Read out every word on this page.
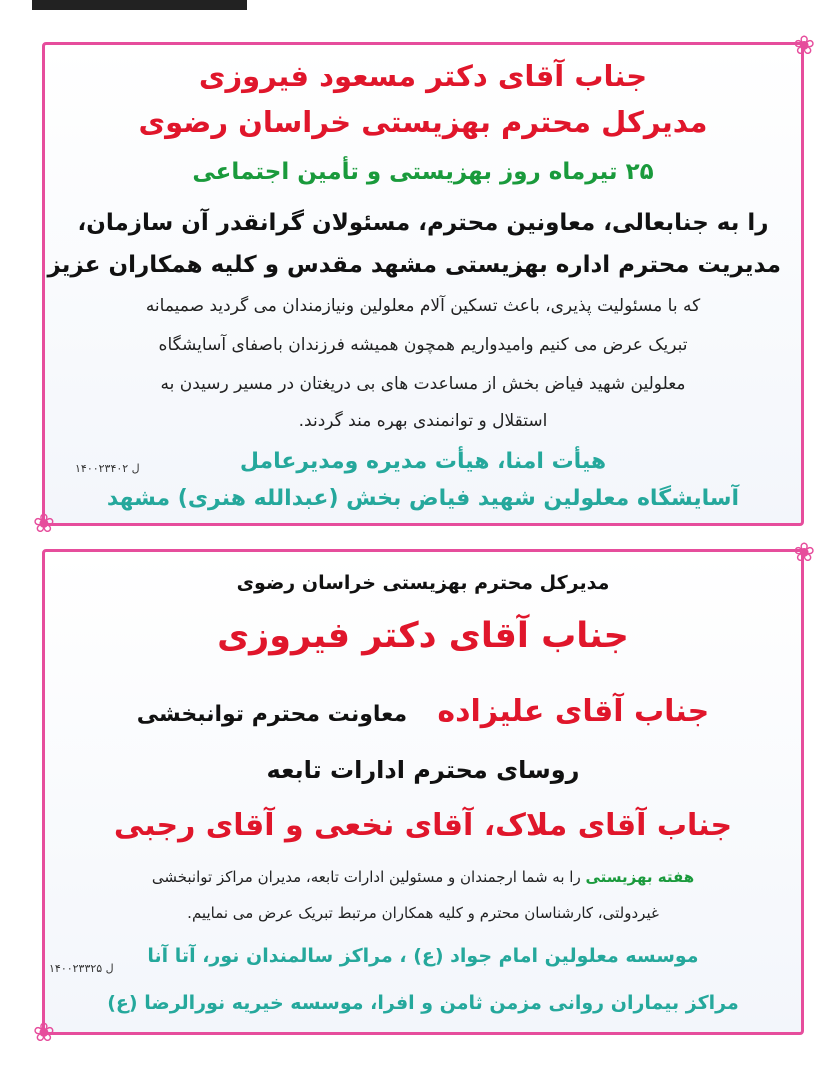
❀
❀
جناب آقای دکتر مسعود فیروزی
مدیرکل محترم بهزیستی خراسان رضوی
۲۵ تیرماه روز بهزیستی و تأمین اجتماعی
را به جنابعالی، معاونین محترم، مسئولان گرانقدر آن سازمان،
مدیریت محترم اداره بهزیستی مشهد مقدس و کلیه همکاران عزیز
که با مسئولیت پذیری، باعث تسکین آلام معلولین ونیازمندان می گردید صمیمانه
تبریک عرض می کنیم وامیدواریم همچون همیشه فرزندان باصفای آسایشگاه
معلولین شهید فیاض بخش از مساعدت های بی دریغتان در مسیر رسیدن به
استقلال و توانمندی بهره مند گردند.
هیأت امنا، هیأت مدیره ومدیرعامل
۱۴۰۰۲۳۴۰۲ ل
آسایشگاه معلولین شهید فیاض بخش (عبدالله هنری) مشهد
❀
❀
مدیرکل محترم بهزیستی خراسان رضوی
جناب آقای دکتر فیروزی
جناب آقای علیزاده  معاونت محترم توانبخشی
روسای محترم ادارات تابعه
جناب آقای ملاک، آقای نخعی و آقای رجبی
هفته بهزیستی را به شما ارجمندان و مسئولین ادارات تابعه، مدیران مراکز توانبخشی
غیردولتی، کارشناسان محترم و کلیه همکاران مرتبط تبریک عرض می نماییم.
موسسه معلولین امام جواد (ع) ، مراکز سالمندان نور، آتا آنا
۱۴۰۰۲۳۳۲۵ ل
مراکز بیماران روانی مزمن ثامن و افرا، موسسه خیریه نورالرضا (ع)
